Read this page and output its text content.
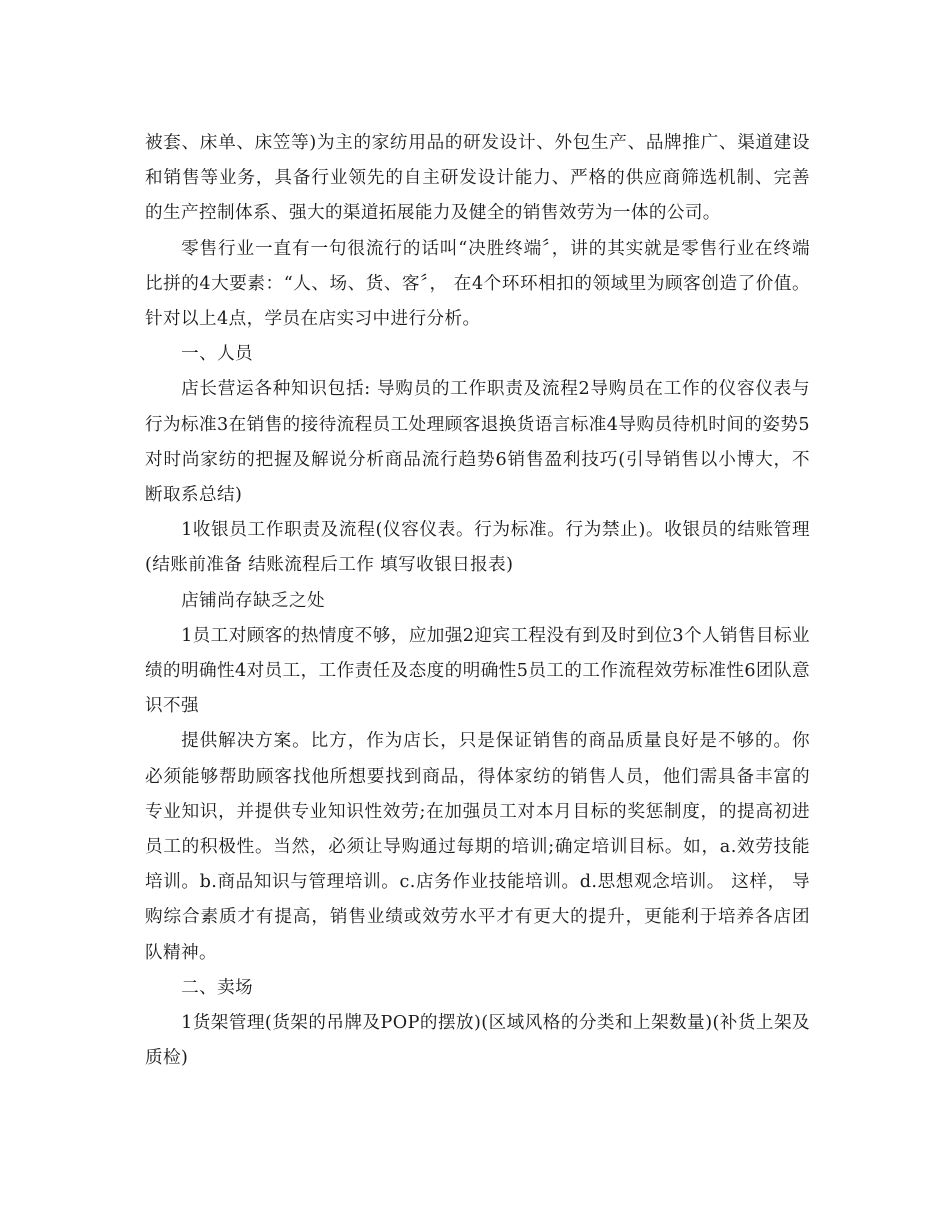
被套、床单、床笠等)为主的家纺用品的研发设计、外包生产、品牌推广、渠道建设和销售等业务，具备行业领先的自主研发设计能力、严格的供应商筛选机制、完善的生产控制体系、强大的渠道拓展能力及健全的销售效劳为一体的公司。

零售行业一直有一句很流行的话叫“决胜终端〞，讲的其实就是零售行业在终端比拼的4大要素：“人、场、货、客〞， 在4个环环相扣的领域里为顾客创造了价值。针对以上4点，学员在店实习中进行分析。

一、人员

店长营运各种知识包括: 导购员的工作职责及流程2导购员在工作的仪容仪表与行为标准3在销售的接待流程员工处理顾客退换货语言标准4导购员待机时间的姿势5对时尚家纺的把握及解说分析商品流行趋势6销售盈利技巧(引导销售以小博大，不断取系总结)

1收银员工作职责及流程(仪容仪表。行为标准。行为禁止)。收银员的结账管理(结账前准备 结账流程后工作 填写收银日报表)

店铺尚存缺乏之处

1员工对顾客的热情度不够，应加强2迎宾工程没有到及时到位3个人销售目标业绩的明确性4对员工，工作责任及态度的明确性5员工的工作流程效劳标准性6团队意识不强

提供解决方案。比方，作为店长，只是保证销售的商品质量良好是不够的。你必须能够帮助顾客找他所想要找到商品，得体家纺的销售人员，他们需具备丰富的专业知识，并提供专业知识性效劳;在加强员工对本月目标的奖惩制度，的提高初进员工的积极性。当然，必须让导购通过每期的培训;确定培训目标。如，a.效劳技能培训。b.商品知识与管理培训。c.店务作业技能培训。d.思想观念培训。 这样， 导购综合素质才有提高，销售业绩或效劳水平才有更大的提升，更能利于培养各店团队精神。

二、卖场

1货架管理(货架的吊牌及POP的摆放)(区域风格的分类和上架数量)(补货上架及质检)
